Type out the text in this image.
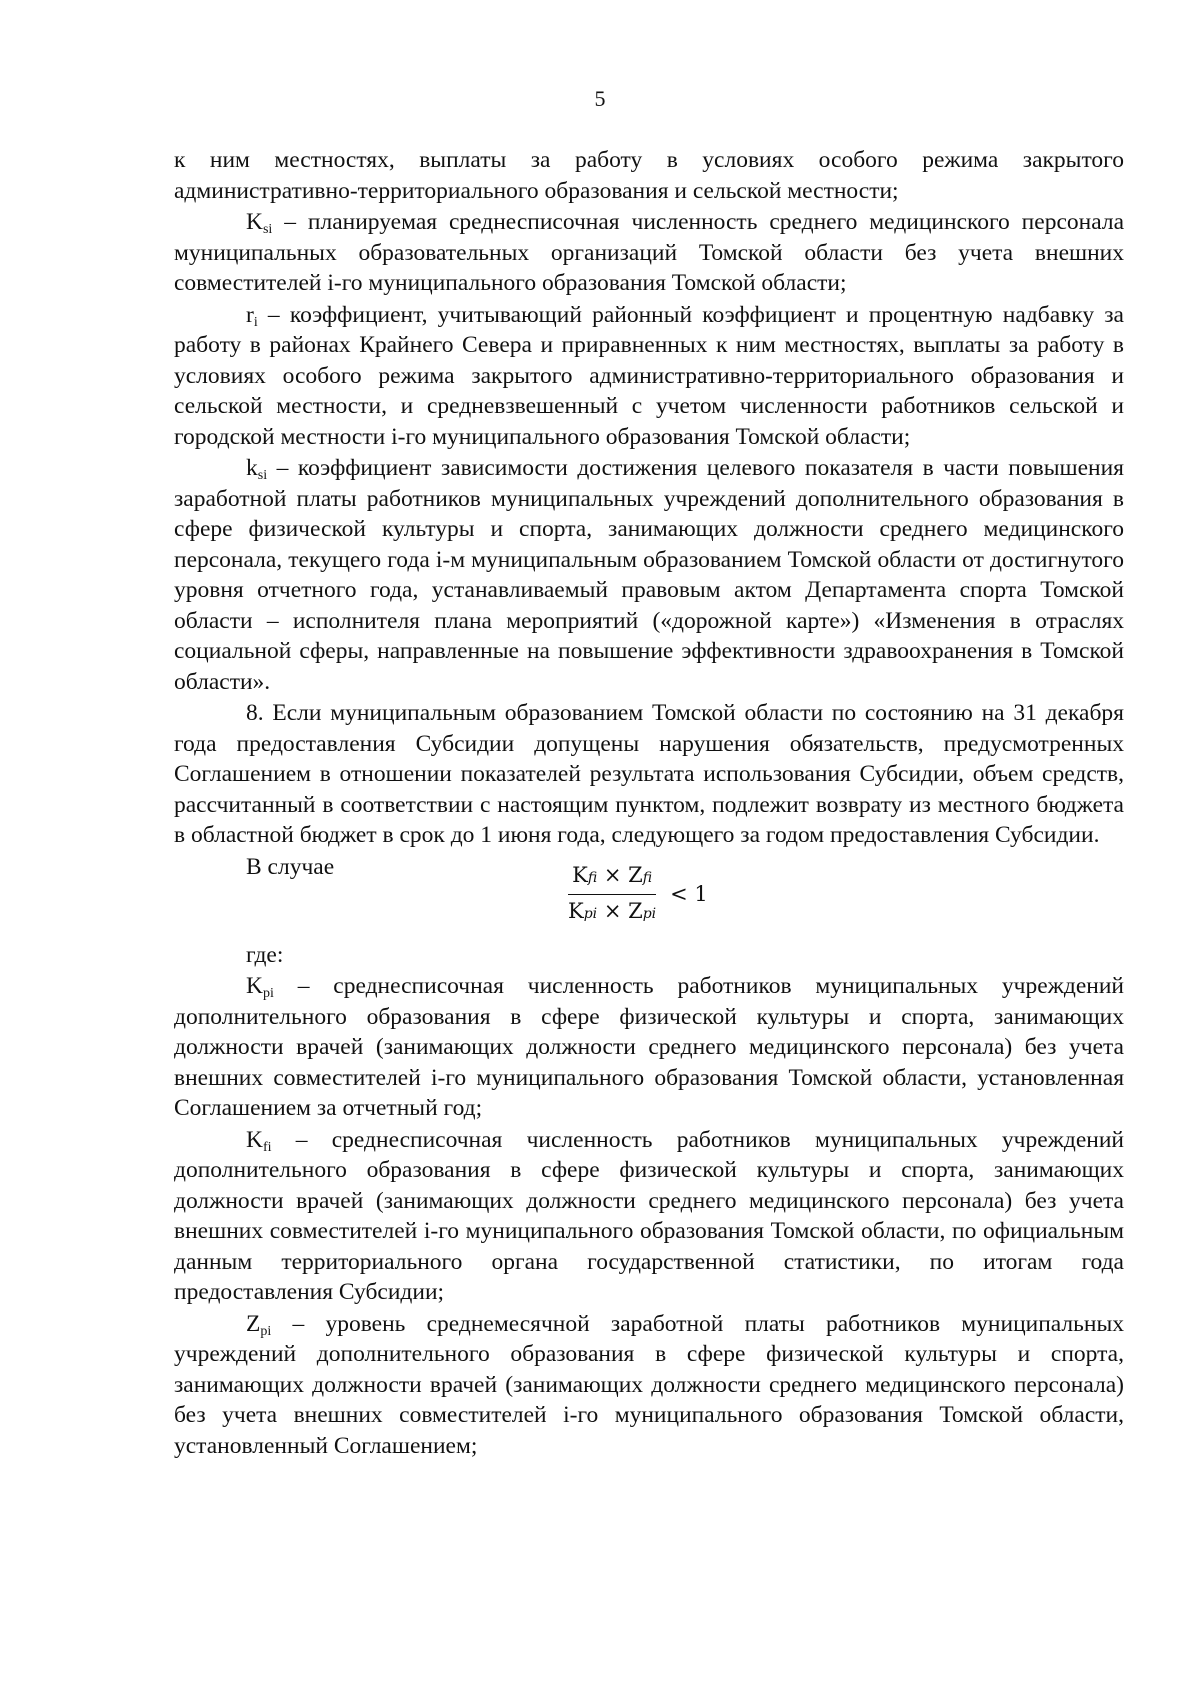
5

к ним местностях, выплаты за работу в условиях особого режима закрытого административно-территориального образования и сельской местности;

$K_{si}$ – планируемая среднесписочная численность среднего медицинского персонала муниципальных образовательных организаций Томской области без учета внешних совместителей i-го муниципального образования Томской области;

$r_i$ – коэффициент, учитывающий районный коэффициент и процентную надбавку за работу в районах Крайнего Севера и приравненных к ним местностях, выплаты за работу в условиях особого режима закрытого административно-территориального образования и сельской местности, и средневзвешенный с учетом численности работников сельской и городской местности i-го муниципального образования Томской области;

$k_{si}$ – коэффициент зависимости достижения целевого показателя в части повышения заработной платы работников муниципальных учреждений дополнительного образования в сфере физической культуры и спорта, занимающих должности среднего медицинского персонала, текущего года i-м муниципальным образованием Томской области от достигнутого уровня отчетного года, устанавливаемый правовым актом Департамента спорта Томской области – исполнителя плана мероприятий («дорожной карте») «Изменения в отраслях социальной сферы, направленные на повышение эффективности здравоохранения в Томской области».

8. Если муниципальным образованием Томской области по состоянию на 31 декабря года предоставления Субсидии допущены нарушения обязательств, предусмотренных Соглашением в отношении показателей результата использования Субсидии, объем средств, рассчитанный в соответствии с настоящим пунктом, подлежит возврату из местного бюджета в областной бюджет в срок до 1 июня года, следующего за годом предоставления Субсидии.

В случае	$\frac{\text{Kfi × Zfi}}{\text{Kpi × Zpi}} < 1$

где:

$K_{pi}$ – среднесписочная численность работников муниципальных учреждений дополнительного образования в сфере физической культуры и спорта, занимающих должности врачей (занимающих должности среднего медицинского персонала) без учета внешних совместителей i-го муниципального образования Томской области, установленная Соглашением за отчетный год;

$K_{fi}$ – среднесписочная численность работников муниципальных учреждений дополнительного образования в сфере физической культуры и спорта, занимающих должности врачей (занимающих должности среднего медицинского персонала) без учета внешних совместителей i-го муниципального образования Томской области, по официальным данным территориального органа государственной статистики, по итогам года предоставления Субсидии;

$Z_{pi}$ – уровень среднемесячной заработной платы работников муниципальных учреждений дополнительного образования в сфере физической культуры и спорта, занимающих должности врачей (занимающих должности среднего медицинского персонала) без учета внешних совместителей i-го муниципального образования Томской области, установленный Соглашением;
